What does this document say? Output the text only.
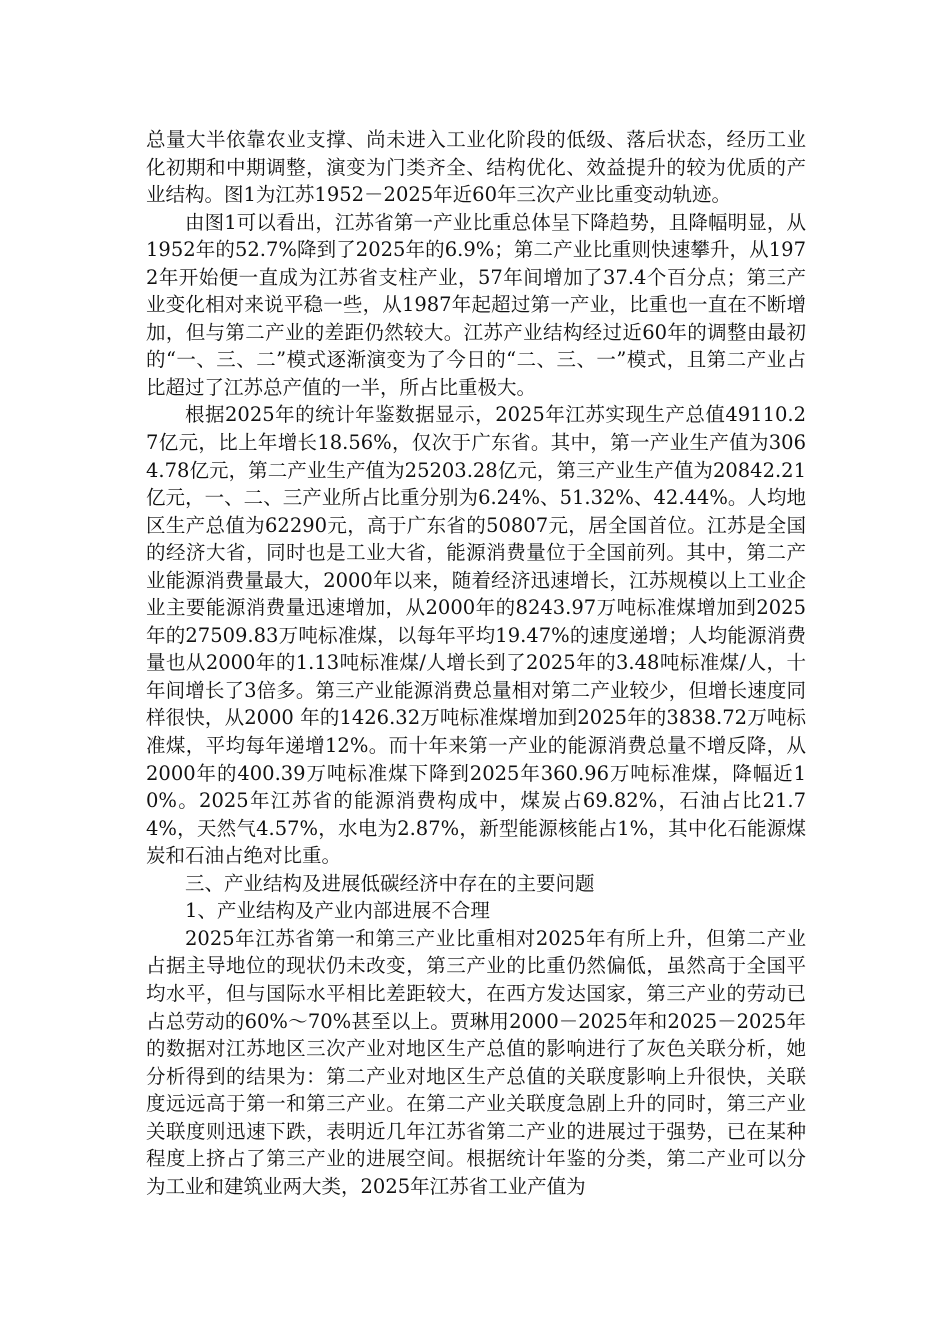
总量大半依靠农业支撑、尚未进入工业化阶段的低级、落后状态，经历工业化初期和中期调整，演变为门类齐全、结构优化、效益提升的较为优质的产业结构。图1为江苏1952－2025年近60年三次产业比重变动轨迹。

由图1可以看出，江苏省第一产业比重总体呈下降趋势，且降幅明显，从1952年的52.7%降到了2025年的6.9%；第二产业比重则快速攀升，从1972年开始便一直成为江苏省支柱产业，57年间增加了37.4个百分点；第三产业变化相对来说平稳一些，从1987年起超过第一产业，比重也一直在不断增加，但与第二产业的差距仍然较大。江苏产业结构经过近60年的调整由最初的“一、三、二”模式逐渐演变为了今日的“二、三、一”模式，且第二产业占比超过了江苏总产值的一半，所占比重极大。

根据2025年的统计年鉴数据显示，2025年江苏实现生产总值49110.27亿元，比上年增长18.56%，仅次于广东省。其中，第一产业生产值为3064.78亿元，第二产业生产值为25203.28亿元，第三产业生产值为20842.21亿元，一、二、三产业所占比重分别为6.24%、51.32%、42.44%。人均地区生产总值为62290元，高于广东省的50807元，居全国首位。江苏是全国的经济大省，同时也是工业大省，能源消费量位于全国前列。其中，第二产业能源消费量最大，2000年以来，随着经济迅速增长，江苏规模以上工业企业主要能源消费量迅速增加，从2000年的8243.97万吨标准煤增加到2025年的27509.83万吨标准煤，以每年平均19.47%的速度递增；人均能源消费量也从2000年的1.13吨标准煤/人增长到了2025年的3.48吨标准煤/人，十年间增长了3倍多。第三产业能源消费总量相对第二产业较少，但增长速度同样很快，从2000 年的1426.32万吨标准煤增加到2025年的3838.72万吨标准煤，平均每年递增12%。而十年来第一产业的能源消费总量不增反降，从2000年的400.39万吨标准煤下降到2025年360.96万吨标准煤，降幅近10%。2025年江苏省的能源消费构成中，煤炭占69.82%，石油占比21.74%，天然气4.57%，水电为2.87%，新型能源核能占1%，其中化石能源煤炭和石油占绝对比重。

三、产业结构及进展低碳经济中存在的主要问题

1、产业结构及产业内部进展不合理

2025年江苏省第一和第三产业比重相对2025年有所上升，但第二产业占据主导地位的现状仍未改变，第三产业的比重仍然偏低，虽然高于全国平均水平，但与国际水平相比差距较大，在西方发达国家，第三产业的劳动已占总劳动的60%～70%甚至以上。贾琳用2000－2025年和2025－2025年的数据对江苏地区三次产业对地区生产总值的影响进行了灰色关联分析，她分析得到的结果为：第二产业对地区生产总值的关联度影响上升很快，关联度远远高于第一和第三产业。在第二产业关联度急剧上升的同时，第三产业关联度则迅速下跌，表明近几年江苏省第二产业的进展过于强势，已在某种程度上挤占了第三产业的进展空间。根据统计年鉴的分类，第二产业可以分为工业和建筑业两大类，2025年江苏省工业产值为
